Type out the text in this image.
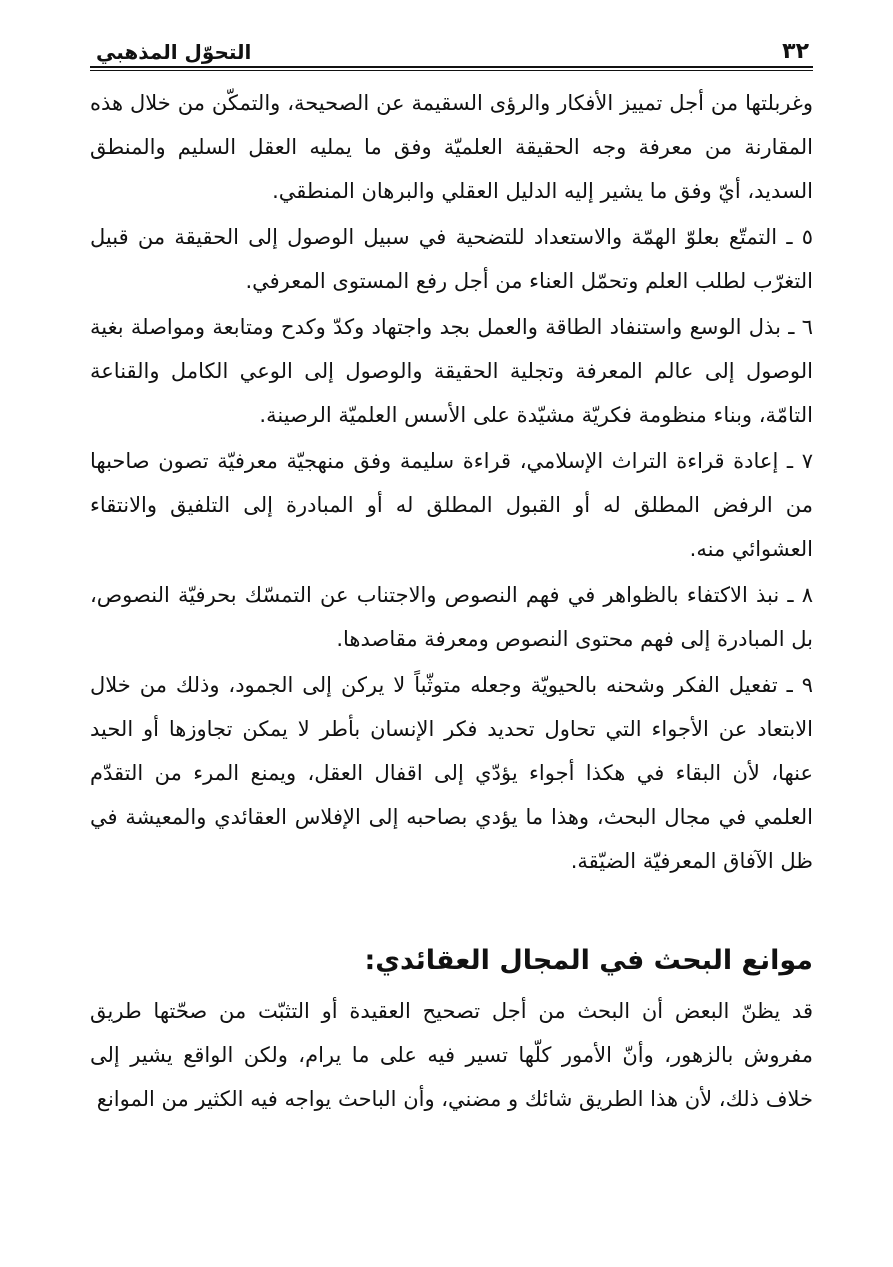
٣٢
التحوّل المذهبي

وغربلتها من أجل تمييز الأفكار والرؤى السقيمة عن الصحيحة، والتمكّن من خلال هذه المقارنة من معرفة وجه الحقيقة العلميّة وفق ما يمليه العقل السليم والمنطق السديد، أيّ وفق ما يشير إليه الدليل العقلي والبرهان المنطقي.

٥ ـ التمتّع بعلوّ الهمّة والاستعداد للتضحية في سبيل الوصول إلى الحقيقة من قبيل التغرّب لطلب العلم وتحمّل العناء من أجل رفع المستوى المعرفي.

٦ ـ بذل الوسع واستنفاد الطاقة والعمل بجد واجتهاد وكدّ وكدح ومتابعة ومواصلة بغية الوصول إلى عالم المعرفة وتجلية الحقيقة والوصول إلى الوعي الكامل والقناعة التامّة، وبناء منظومة فكريّة مشيّدة على الأسس العلميّة الرصينة.

٧ ـ إعادة قراءة التراث الإسلامي، قراءة سليمة وفق منهجيّة معرفيّة تصون صاحبها من الرفض المطلق له أو القبول المطلق له أو المبادرة إلى التلفيق والانتقاء العشوائي منه.

٨ ـ نبذ الاكتفاء بالظواهر في فهم النصوص والاجتناب عن التمسّك بحرفيّة النصوص، بل المبادرة إلى فهم محتوى النصوص ومعرفة مقاصدها.

٩ ـ تفعيل الفكر وشحنه بالحيويّة وجعله متوثّباً لا يركن إلى الجمود، وذلك من خلال الابتعاد عن الأجواء التي تحاول تحديد فكر الإنسان بأطر لا يمكن تجاوزها أو الحيد عنها، لأن البقاء في هكذا أجواء يؤدّي إلى اقفال العقل، ويمنع المرء من التقدّم العلمي في مجال البحث، وهذا ما يؤدي بصاحبه إلى الإفلاس العقائدي والمعيشة في ظل الآفاق المعرفيّة الضيّقة.

موانع البحث في المجال العقائدي:

قد يظنّ البعض أن البحث من أجل تصحيح العقيدة أو التثبّت من صحّتها طريق مفروش بالزهور، وأنّ الأمور كلّها تسير فيه على ما يرام، ولكن الواقع يشير إلى خلاف ذلك، لأن هذا الطريق شائك و مضني، وأن الباحث يواجه فيه الكثير من الموانع
